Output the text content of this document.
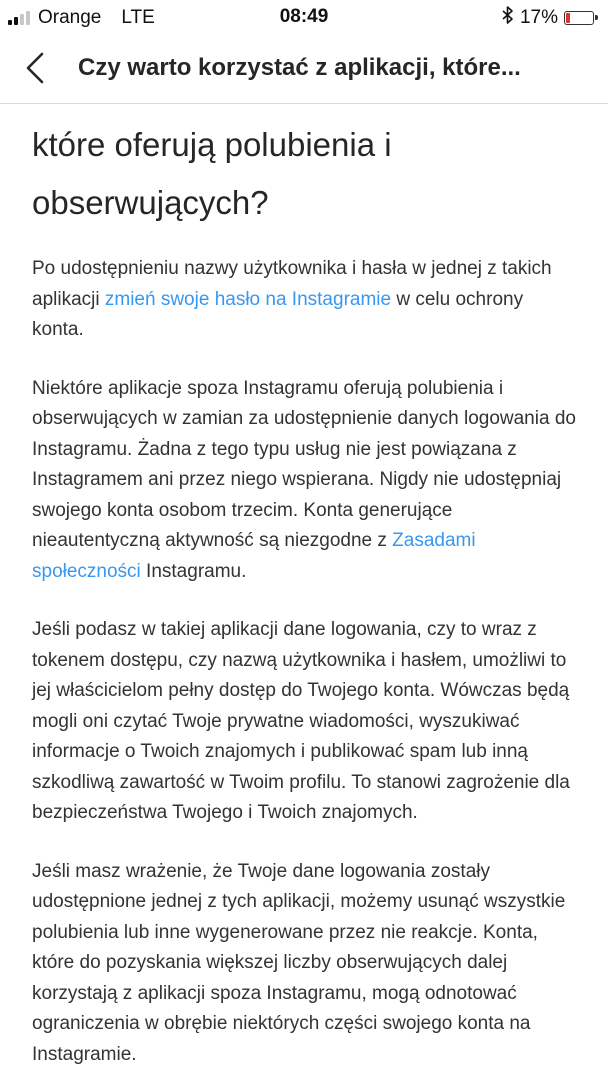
Orange LTE	08:49	17%
Czy warto korzystać z aplikacji, które...
które oferują polubienia i obserwujących?

Po udostępnieniu nazwy użytkownika i hasła w jednej z takich aplikacji zmień swoje hasło na Instagramie w celu ochrony konta.

Niektóre aplikacje spoza Instagramu oferują polubienia i obserwujących w zamian za udostępnienie danych logowania do Instagramu. Żadna z tego typu usług nie jest powiązana z Instagramem ani przez niego wspierana. Nigdy nie udostępniaj swojego konta osobom trzecim. Konta generujące nieautentyczną aktywność są niezgodne z Zasadami społeczności Instagramu.

Jeśli podasz w takiej aplikacji dane logowania, czy to wraz z tokenem dostępu, czy nazwą użytkownika i hasłem, umożliwi to jej właścicielom pełny dostęp do Twojego konta. Wówczas będą mogli oni czytać Twoje prywatne wiadomości, wyszukiwać informacje o Twoich znajomych i publikować spam lub inną szkodliwą zawartość w Twoim profilu. To stanowi zagrożenie dla bezpieczeństwa Twojego i Twoich znajomych.

Jeśli masz wrażenie, że Twoje dane logowania zostały udostępnione jednej z tych aplikacji, możemy usunąć wszystkie polubienia lub inne wygenerowane przez nie reakcje. Konta, które do pozyskania większej liczby obserwujących dalej korzystają z aplikacji spoza Instagramu, mogą odnotować ograniczenia w obrębie niektórych części swojego konta na Instagramie.
